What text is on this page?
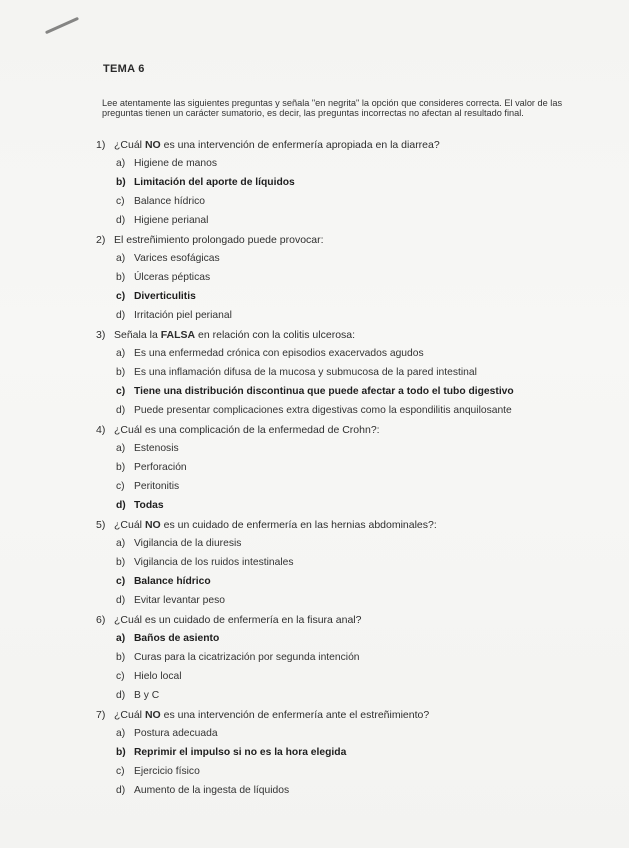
TEMA 6
Lee atentamente las siguientes preguntas y señala "en negrita" la opción que consideres correcta. El valor de las preguntas tienen un carácter sumatorio, es decir, las preguntas incorrectas no afectan al resultado final.
1) ¿Cuál NO es una intervención de enfermería apropiada en la diarrea?
a) Higiene de manos
b) Limitación del aporte de líquidos
c) Balance hídrico
d) Higiene perianal
2) El estreñimiento prolongado puede provocar:
a) Varices esofágicas
b) Úlceras pépticas
c) Diverticulitis
d) Irritación piel perianal
3) Señala la FALSA en relación con la colitis ulcerosa:
a) Es una enfermedad crónica con episodios exacervados agudos
b) Es una inflamación difusa de la mucosa y submucosa de la pared intestinal
c) Tiene una distribución discontinua que puede afectar a todo el tubo digestivo
d) Puede presentar complicaciones extra digestivas como la espondilitis anquilosante
4) ¿Cuál es una complicación de la enfermedad de Crohn?:
a) Estenosis
b) Perforación
c) Peritonitis
d) Todas
5) ¿Cuál NO es un cuidado de enfermería en las hernias abdominales?:
a) Vigilancia de la diuresis
b) Vigilancia de los ruidos intestinales
c) Balance hídrico
d) Evitar levantar peso
6) ¿Cuál es un cuidado de enfermería en la fisura anal?
a) Baños de asiento
b) Curas para la cicatrización por segunda intención
c) Hielo local
d) B y C
7) ¿Cuál NO es una intervención de enfermería ante el estreñimiento?
a) Postura adecuada
b) Reprimir el impulso si no es la hora elegida
c) Ejercicio físico
d) Aumento de la ingesta de líquidos
